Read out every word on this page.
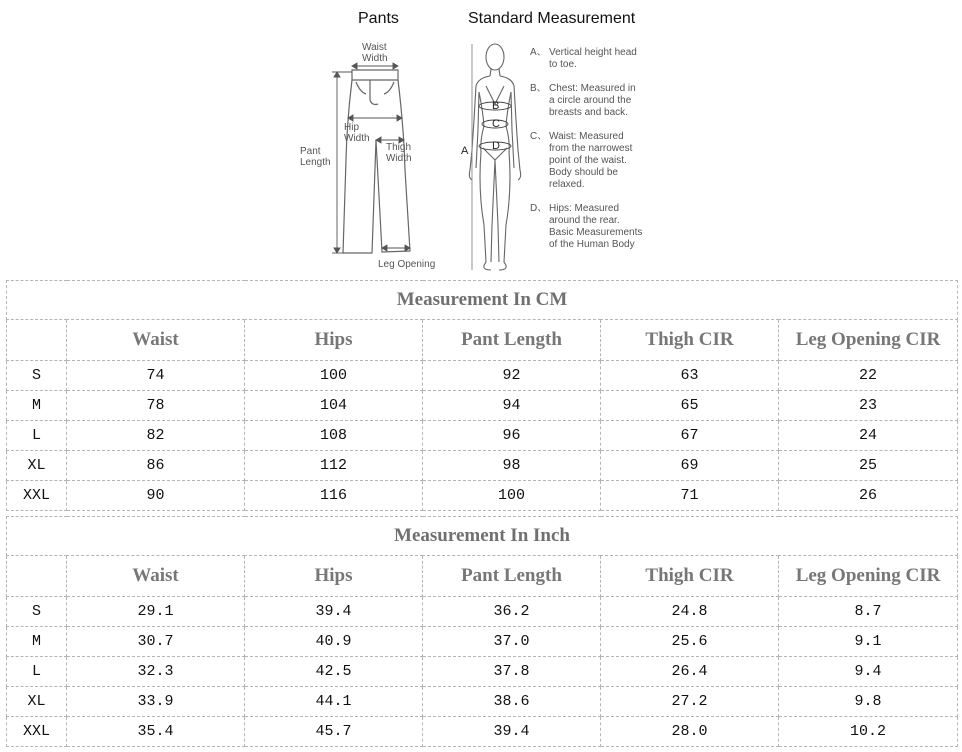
Pants	Standard Measurement
Waist
Width
Hip
Width
Pant
Length
Thigh
Width
Leg Opening
A
B
C
D
A、 Vertical height head
to toe.
B、 Chest: Measured in
a circle around the
breasts and back.
C、 Waist: Measured
from the narrowest
point of the waist.
Body should be
relaxed.
D、 Hips: Measured
around the rear.
Basic Measurements
of the Human Body
Measurement In CM					
	Waist	Hips	Pant Length	Thigh CIR	Leg Opening CIR
S	74	100	92	63	22
M	78	104	94	65	23
L	82	108	96	67	24
XL	86	112	98	69	25
XXL	90	116	100	71	26
Measurement In Inch					
	Waist	Hips	Pant Length	Thigh CIR	Leg Opening CIR
S	29.1	39.4	36.2	24.8	8.7
M	30.7	40.9	37.0	25.6	9.1
L	32.3	42.5	37.8	26.4	9.4
XL	33.9	44.1	38.6	27.2	9.8
XXL	35.4	45.7	39.4	28.0	10.2
